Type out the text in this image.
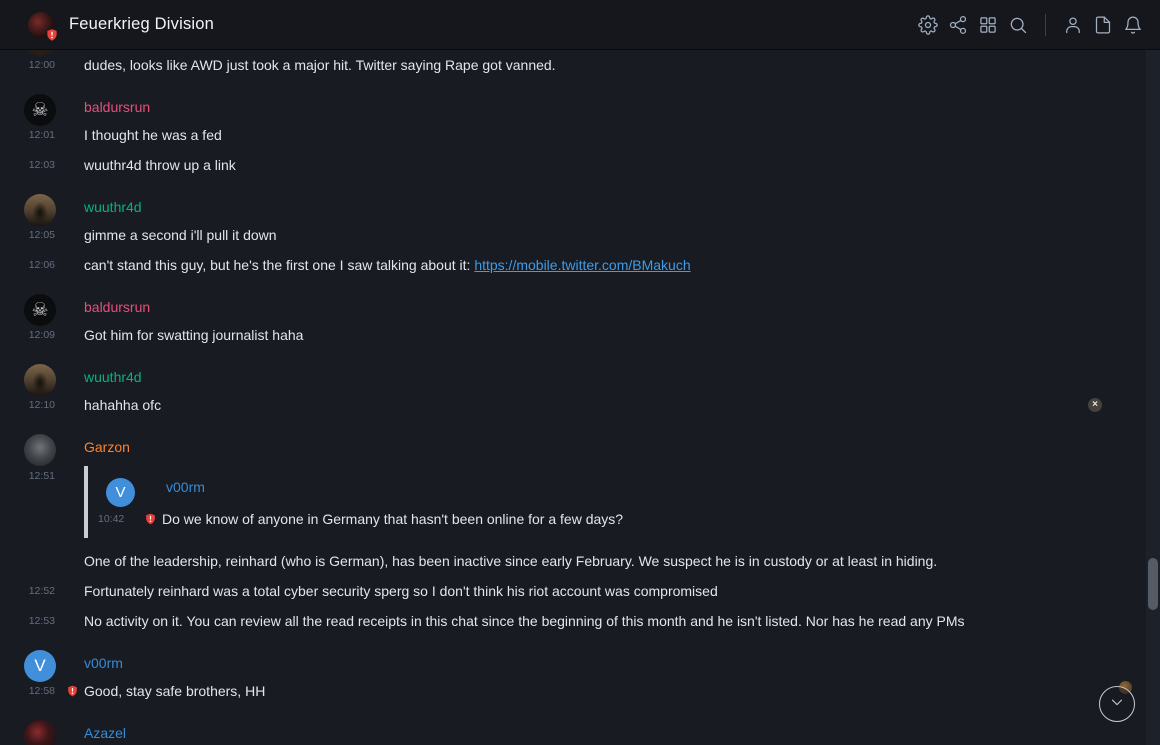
Feuerkrieg Division
12:00 dudes, looks like AWD just took a major hit. Twitter saying Rape got vanned.
☠	baldursrun
12:01 I thought he was a fed
12:03 wuuthr4d throw up a link
wuuthr4d
12:05 gimme a second i'll pull it down
12:06 can't stand this guy, but he's the first one I saw talking about it: https://mobile.twitter.com/BMakuch
☠	baldursrun
12:09 Got him for swatting journalist haha
wuuthr4d
12:10 hahahha ofc	×
Garzon
12:51
V	v00rm
10:42	Do we know of anyone in Germany that hasn't been online for a few days?
One of the leadership, reinhard (who is German), has been inactive since early February. We suspect he is in custody or at least in hiding.
12:52 Fortunately reinhard was a total cyber security sperg so I don't think his riot account was compromised
12:53 No activity on it. You can review all the read receipts in this chat since the beginning of this month and he isn't listed. Nor has he read any PMs
V	v00rm
12:58 Good, stay safe brothers, HH
Azazel
